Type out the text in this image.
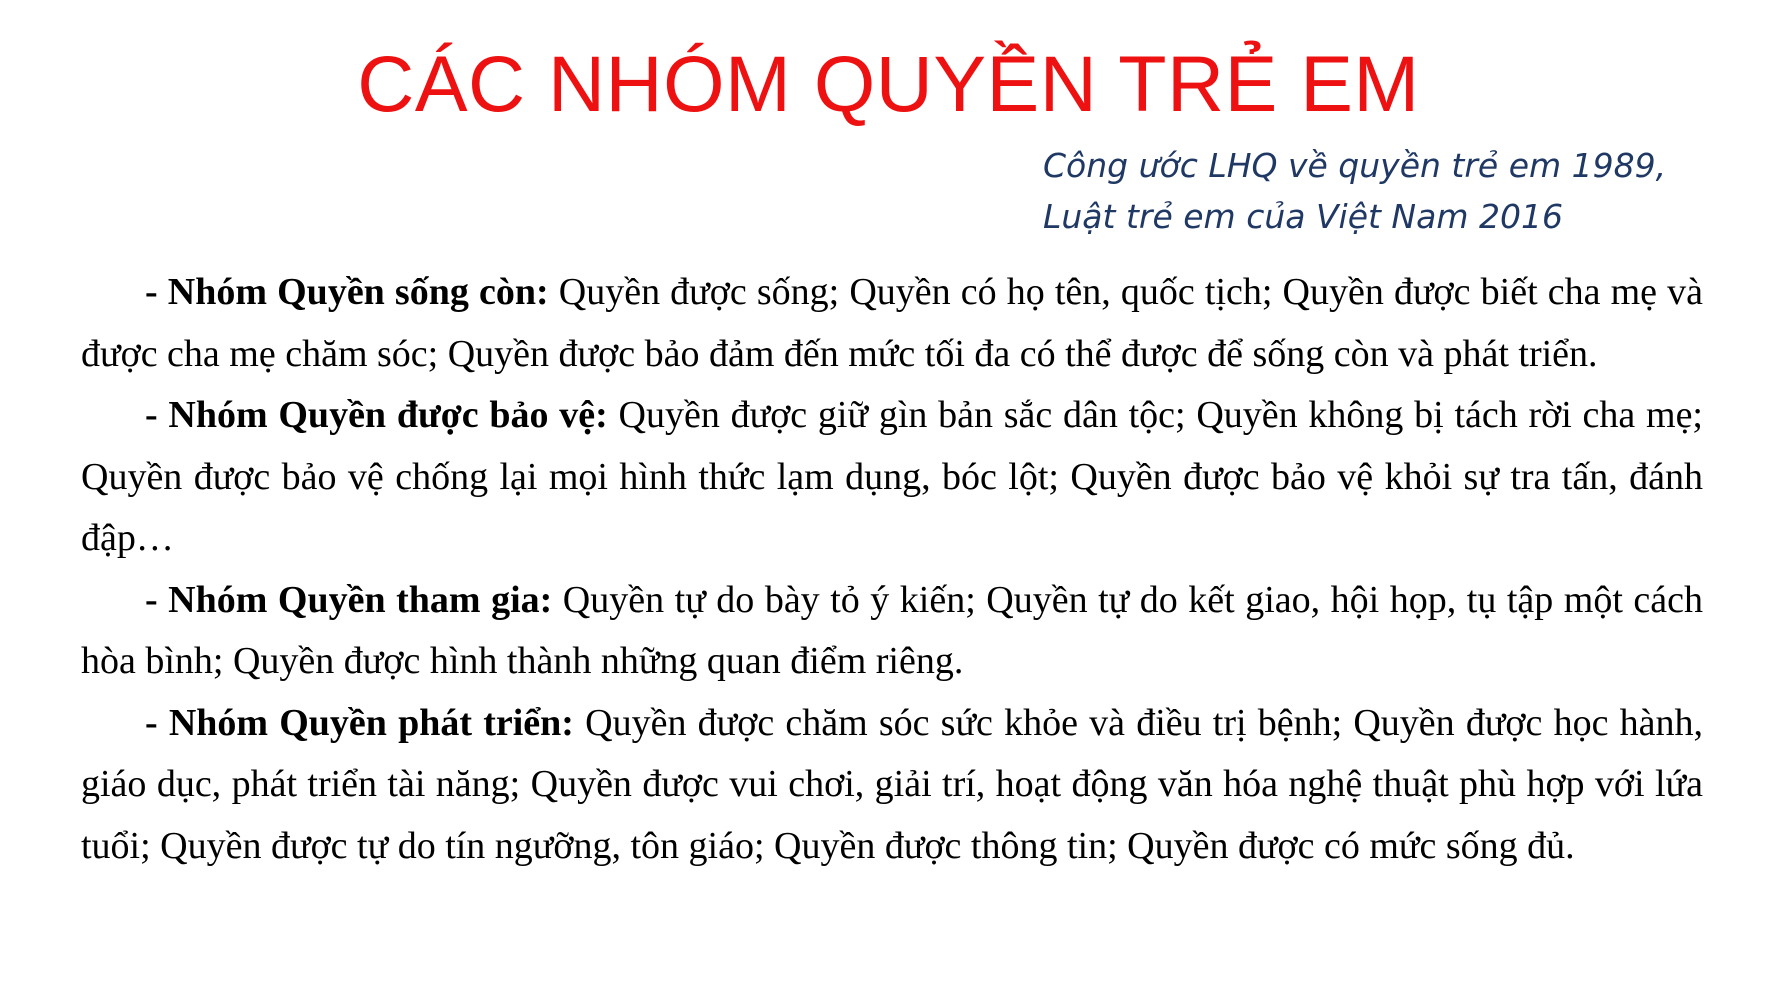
CÁC NHÓM QUYỀN TRẺ EM
Công ước LHQ về quyền trẻ em 1989,
Luật trẻ em của Việt Nam 2016

- Nhóm Quyền sống còn: Quyền được sống; Quyền có họ tên, quốc tịch; Quyền được biết cha mẹ và được cha mẹ chăm sóc; Quyền được bảo đảm đến mức tối đa có thể được để sống còn và phát triển.

- Nhóm Quyền được bảo vệ: Quyền được giữ gìn bản sắc dân tộc; Quyền không bị tách rời cha mẹ; Quyền được bảo vệ chống lại mọi hình thức lạm dụng, bóc lột; Quyền được bảo vệ khỏi sự tra tấn, đánh đập…

- Nhóm Quyền tham gia: Quyền tự do bày tỏ ý kiến; Quyền tự do kết giao, hội họp, tụ tập một cách hòa bình; Quyền được hình thành những quan điểm riêng.

- Nhóm Quyền phát triển: Quyền được chăm sóc sức khỏe và điều trị bệnh; Quyền được học hành, giáo dục, phát triển tài năng; Quyền được vui chơi, giải trí, hoạt động văn hóa nghệ thuật phù hợp với lứa tuổi; Quyền được tự do tín ngưỡng, tôn giáo; Quyền được thông tin; Quyền được có mức sống đủ.
